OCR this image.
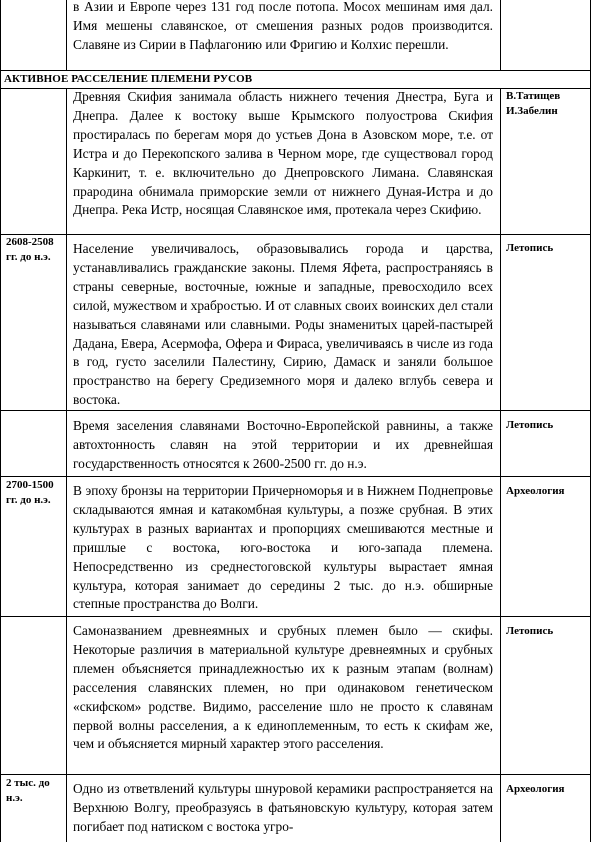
в Азии и Европе через 131 год после потопа. Мосох мешинам имя дал. Имя мешены славянское, от смешения разных родов производится. Славяне из Сирии в Пафлагонию или Фригию и Колхис перешли.
АКТИВНОЕ РАССЕЛЕНИЕ ПЛЕМЕНИ РУСОВ
В.Татищев И.Забелин
Древняя Скифия занимала область нижнего течения Днестра, Буга и Днепра. Далее к востоку выше Крымского полуострова Скифия простиралась по берегам моря до устьев Дона в Азовском море, т.е. от Истра и до Перекопского залива в Черном море, где существовал город Каркинит, т. е. включительно до Днепровского Лимана. Славянская прародина обнимала приморские земли от нижнего Дуная-Истра и до Днепра. Река Истр, носящая Славянское имя, протекала через Скифию.
2608-2508 гг. до н.э.
Летопись
Население увеличивалось, образовывались города и царства, устанавливались гражданские законы. Племя Яфета, распространяясь в страны северные, восточные, южные и западные, превосходило всех силой, мужеством и храбростью. И от славных своих воинских дел стали называться славянами или славными. Роды знаменитых царей-пастырей Дадана, Евера, Асермофа, Офера и Фираса, увеличиваясь в числе из года в год, густо заселили Палестину, Сирию, Дамаск и заняли большое пространство на берегу Средиземного моря и далеко вглубь севера и востока.
Летопись
Время заселения славянами Восточно-Европейской равнины, а также автохтонность славян на этой территории и их древнейшая государственность относятся к 2600-2500 гг. до н.э.
2700-1500 гг. до н.э.
Археология
В эпоху бронзы на территории Причерноморья и в Нижнем Поднепровье складываются ямная и катакомбная культуры, а позже срубная. В этих культурах в разных вариантах и пропорциях смешиваются местные и пришлые с востока, юго-востока и юго-запада племена. Непосредственно из среднестоговской культуры вырастает ямная культура, которая занимает до середины 2 тыс. до н.э. обширные степные пространства до Волги.
Летопись
Самоназванием древнеямных и срубных племен было — скифы. Некоторые различия в материальной культуре древнеямных и срубных племен объясняется принадлежностью их к разным этапам (волнам) расселения славянских племен, но при одинаковом генетическом «скифском» родстве. Видимо, расселение шло не просто к славянам первой волны расселения, а к единоплеменным, то есть к скифам же, чем и объясняется мирный характер этого расселения.
2 тыс. до н.э.
Археология
Одно из ответвлений культуры шнуровой керамики распространяется на Верхнюю Волгу, преобразуясь в фатьяновскую культуру, которая затем погибает под натиском с востока угро-
